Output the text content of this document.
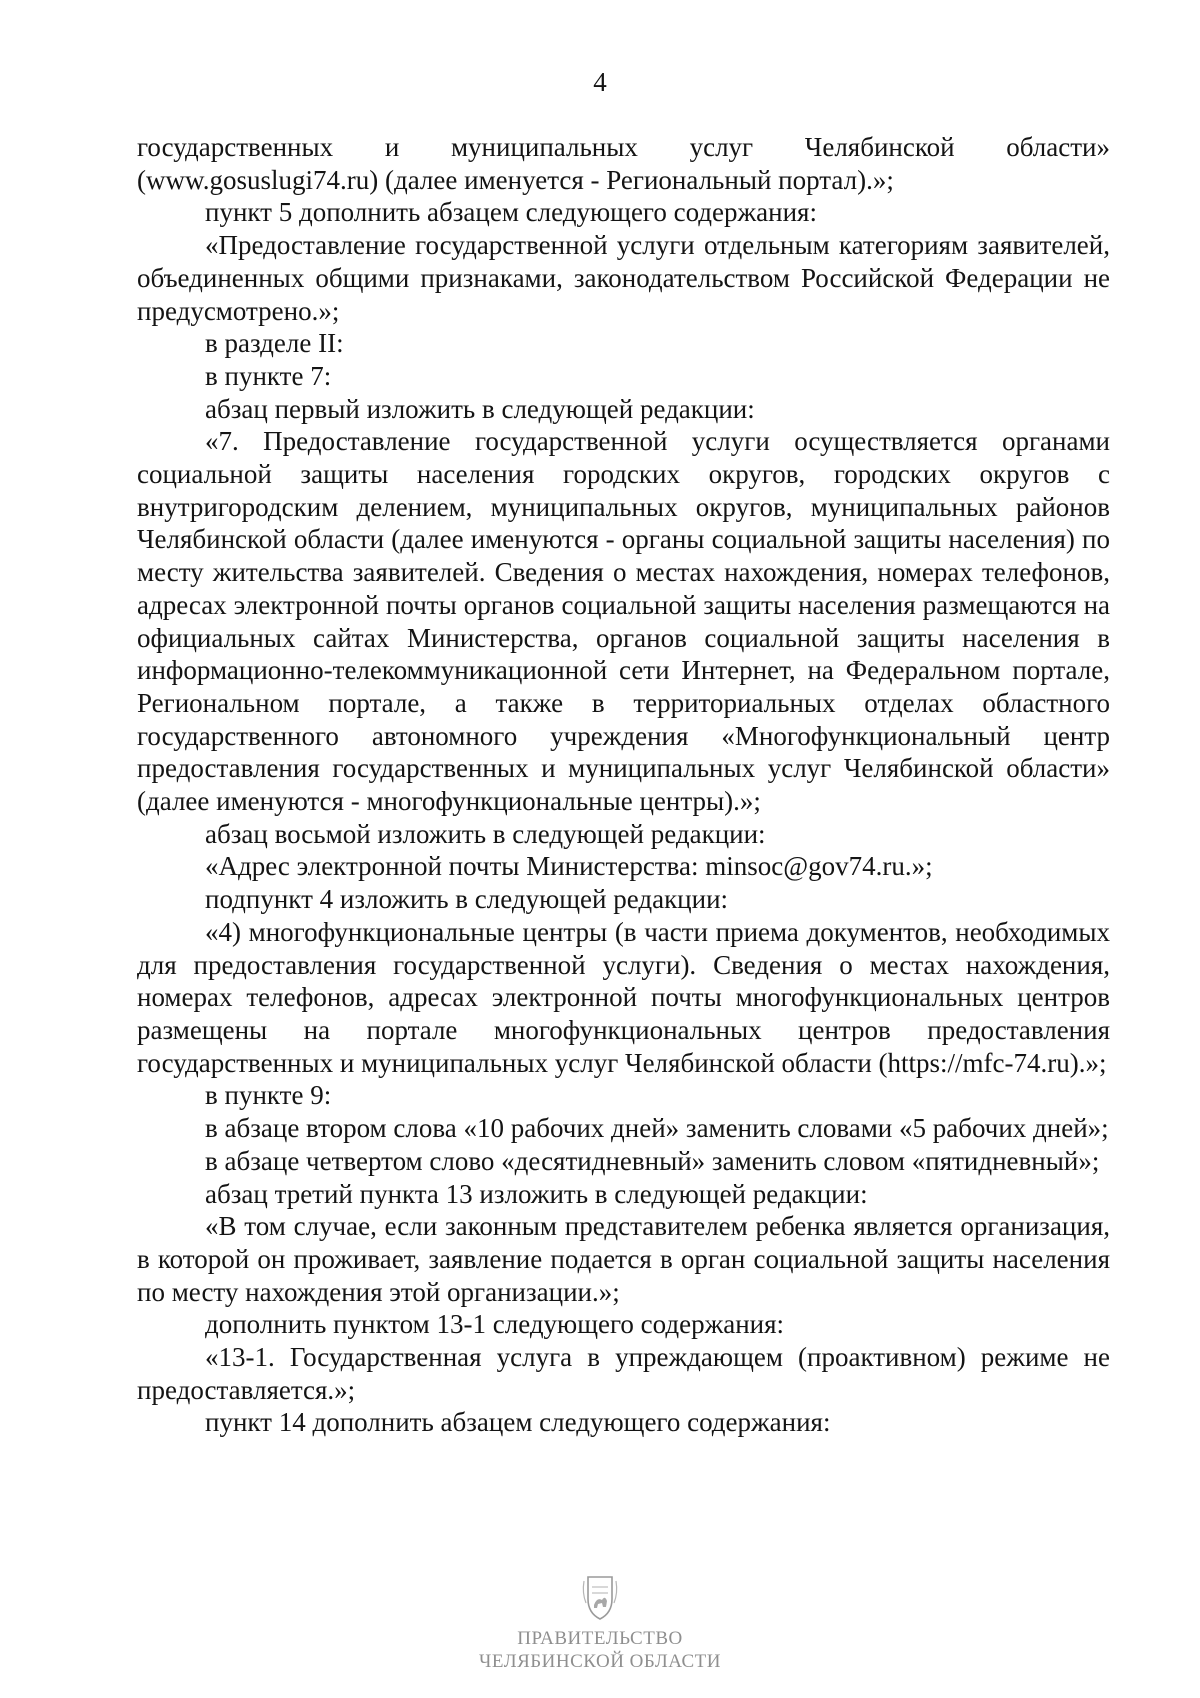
4

государственных и муниципальных услуг Челябинской области» (www.gosuslugi74.ru) (далее именуется - Региональный портал).»;

пункт 5 дополнить абзацем следующего содержания:

«Предоставление государственной услуги отдельным категориям заявителей, объединенных общими признаками, законодательством Российской Федерации не предусмотрено.»;

в разделе II:

в пункте 7:

абзац первый изложить в следующей редакции:

«7. Предоставление государственной услуги осуществляется органами социальной защиты населения городских округов, городских округов с внутригородским делением, муниципальных округов, муниципальных районов Челябинской области (далее именуются - органы социальной защиты населения) по месту жительства заявителей. Сведения о местах нахождения, номерах телефонов, адресах электронной почты органов социальной защиты населения размещаются на официальных сайтах Министерства, органов социальной защиты населения в информационно-телекоммуникационной сети Интернет, на Федеральном портале, Региональном портале, а также в территориальных отделах областного государственного автономного учреждения «Многофункциональный центр предоставления государственных и муниципальных услуг Челябинской области» (далее именуются - многофункциональные центры).»;

абзац восьмой изложить в следующей редакции:

«Адрес электронной почты Министерства: minsoc@gov74.ru.»;

подпункт 4 изложить в следующей редакции:

«4) многофункциональные центры (в части приема документов, необходимых для предоставления государственной услуги). Сведения о местах нахождения, номерах телефонов, адресах электронной почты многофункциональных центров размещены на портале многофункциональных центров предоставления государственных и муниципальных услуг Челябинской области (https://mfc-74.ru).»;

в пункте 9:

в абзаце втором слова «10 рабочих дней» заменить словами «5 рабочих дней»;

в абзаце четвертом слово «десятидневный» заменить словом «пятидневный»;

абзац третий пункта 13 изложить в следующей редакции:

«В том случае, если законным представителем ребенка является организация, в которой он проживает, заявление подается в орган социальной защиты населения по месту нахождения этой организации.»;

дополнить пунктом 13-1 следующего содержания:

«13-1. Государственная услуга в упреждающем (проактивном) режиме не предоставляется.»;

пункт 14 дополнить абзацем следующего содержания:

ПРАВИТЕЛЬСТВО
ЧЕЛЯБИНСКОЙ ОБЛАСТИ
